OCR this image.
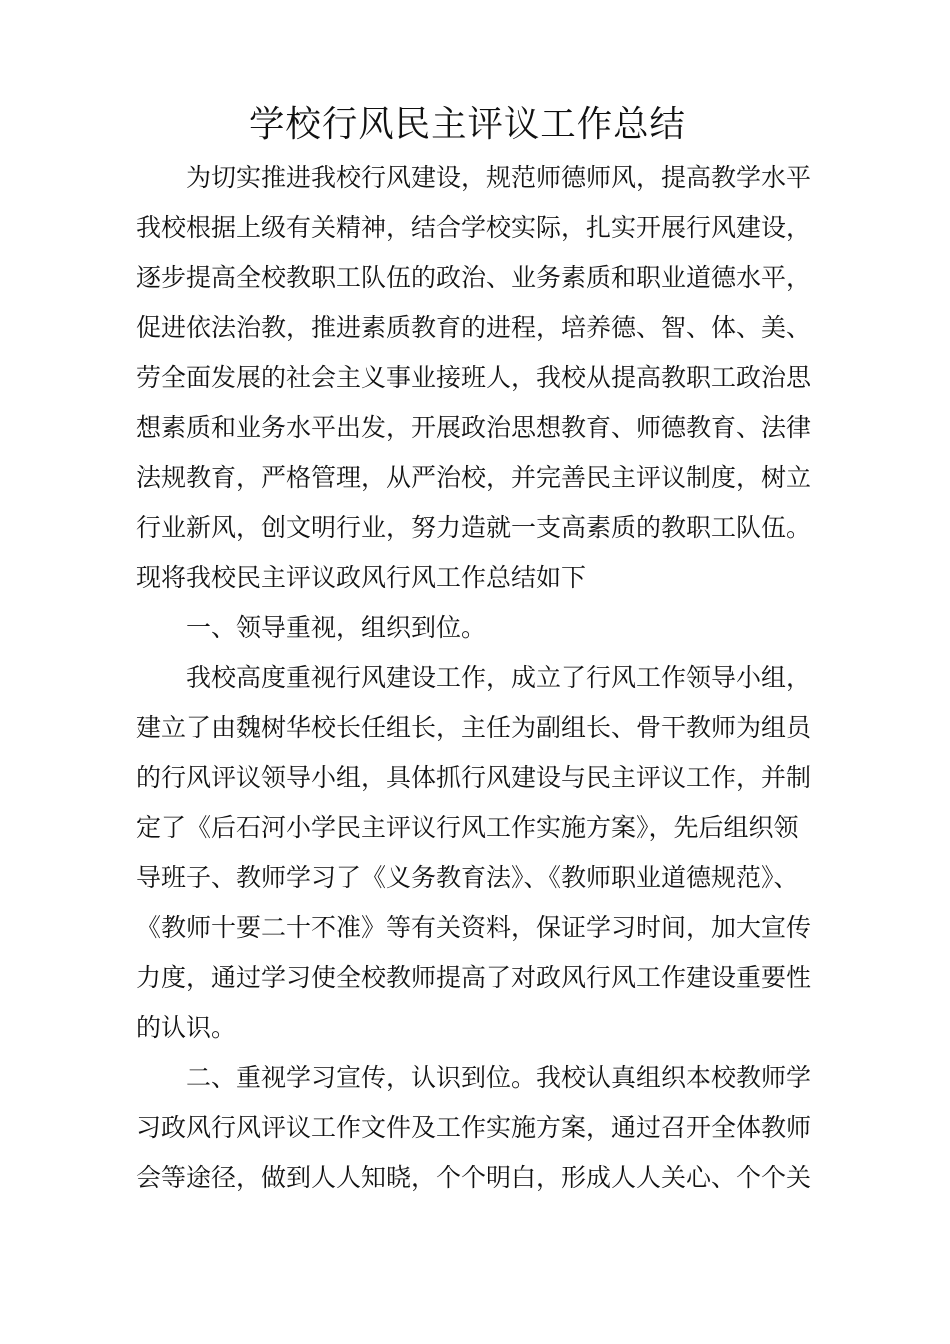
学校行风民主评议工作总结
为切实推进我校行风建设，规范师德师风，提高教学水平
我校根据上级有关精神，结合学校实际，扎实开展行风建设，
逐步提高全校教职工队伍的政治、业务素质和职业道德水平，
促进依法治教，推进素质教育的进程，培养德、智、体、美、
劳全面发展的社会主义事业接班人，我校从提高教职工政治思
想素质和业务水平出发，开展政治思想教育、师德教育、法律
法规教育，严格管理，从严治校，并完善民主评议制度，树立
行业新风，创文明行业，努力造就一支高素质的教职工队伍。
现将我校民主评议政风行风工作总结如下
一、领导重视，组织到位。
我校高度重视行风建设工作，成立了行风工作领导小组，
建立了由魏树华校长任组长，主任为副组长、骨干教师为组员
的行风评议领导小组，具体抓行风建设与民主评议工作，并制
定了《后石河小学民主评议行风工作实施方案》，先后组织领
导班子、教师学习了《义务教育法》、《教师职业道德规范》、
《教师十要二十不准》等有关资料，保证学习时间，加大宣传
力度，通过学习使全校教师提高了对政风行风工作建设重要性
的认识。
二、重视学习宣传，认识到位。我校认真组织本校教师学
习政风行风评议工作文件及工作实施方案，通过召开全体教师
会等途径，做到人人知晓，个个明白，形成人人关心、个个关
